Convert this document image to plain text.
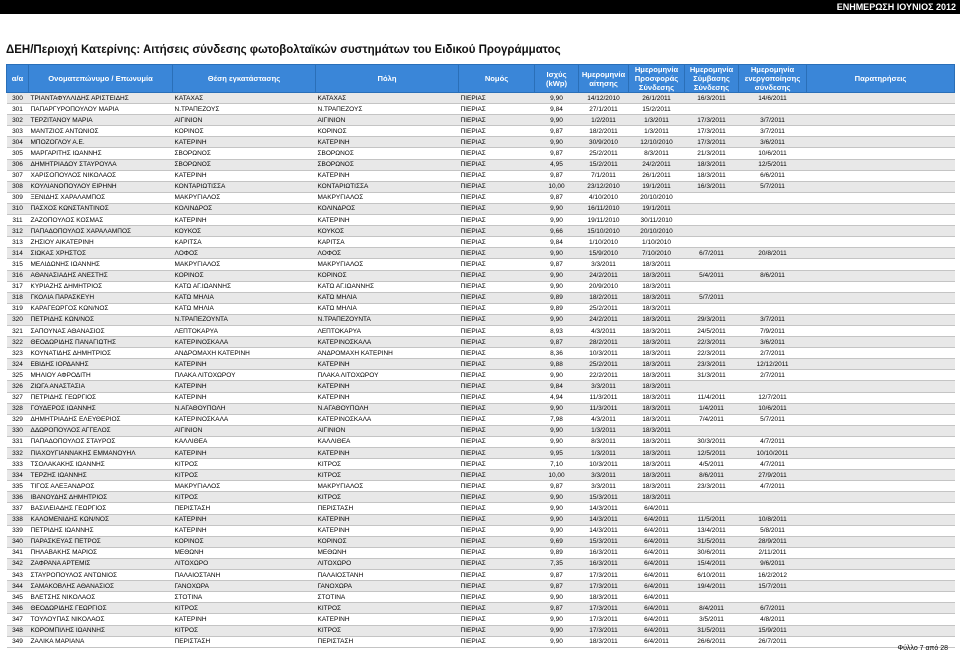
ΕΝΗΜΕΡΩΣΗ ΙΟΥΝΙΟΣ 2012
ΔΕΗ/Περιοχή Κατερίνης: Αιτήσεις σύνδεσης φωτοβολταϊκών συστημάτων του Ειδικού Προγράμματος
α/α	Ονοματεπώνυμο / Επωνυμία	Θέση εγκατάστασης	Πόλη	Νομός	Ισχύς (kWp)	Ημερομηνία αίτησης	Ημερομηνία Προσφοράς Σύνδεσης	Ημερομηνία Σύμβασης Σύνδεσης	Ημερομηνία ενεργοποίησης σύνδεσης	Παρατηρήσεις
300	ΤΡΙΑΝΤΑΦΥΛΛΙΔΗΣ ΑΡΙΣΤΕΙΔΗΣ	ΚΑΤΑΧΑΣ	ΚΑΤΑΧΑΣ	ΠΙΕΡΙΑΣ	9,90	14/12/2010	26/1/2011	16/3/2011	14/6/2011	
301	ΠΑΠΑΡΓΥΡΟΠΟΥΛΟΥ ΜΑΡΙΑ	Ν.ΤΡΑΠΕΖΟΥΣ	Ν.ΤΡΑΠΕΖΟΥΣ	ΠΙΕΡΙΑΣ	9,84	27/1/2011	15/2/2011			
302	ΤΕΡΖΙΤΑΝΟΥ ΜΑΡΙΑ	ΑΙΓΙΝΙΟΝ	ΑΙΓΙΝΙΟΝ	ΠΙΕΡΙΑΣ	9,90	1/2/2011	1/3/2011	17/3/2011	3/7/2011	
303	ΜΑΝΤΖΙΟΣ ΑΝΤΩΝΙΟΣ	ΚΟΡΙΝΟΣ	ΚΟΡΙΝΟΣ	ΠΙΕΡΙΑΣ	9,87	18/2/2011	1/3/2011	17/3/2011	3/7/2011	
304	ΜΠΟΖΟΓΛΟΥ Α.Ε.	ΚΑΤΕΡΙΝΗ	ΚΑΤΕΡΙΝΗ	ΠΙΕΡΙΑΣ	9,90	30/9/2010	12/10/2010	17/3/2011	3/6/2011	
305	ΜΑΡΓΑΡΙΤΗΣ ΙΩΑΝΝΗΣ	ΣΒΟΡΩΝΟΣ	ΣΒΟΡΩΝΟΣ	ΠΙΕΡΙΑΣ	9,87	25/2/2011	8/3/2011	21/3/2011	10/6/2011	
306	ΔΗΜΗΤΡΙΑΔΟΥ ΣΤΑΥΡΟΥΛΑ	ΣΒΟΡΩΝΟΣ	ΣΒΟΡΩΝΟΣ	ΠΙΕΡΙΑΣ	4,95	15/2/2011	24/2/2011	18/3/2011	12/5/2011	
307	ΧΑΡΙΣΟΠΟΥΛΟΣ ΝΙΚΟΛΑΟΣ	ΚΑΤΕΡΙΝΗ	ΚΑΤΕΡΙΝΗ	ΠΙΕΡΙΑΣ	9,87	7/1/2011	26/1/2011	18/3/2011	6/6/2011	
308	ΚΟΥΛΙΑΝΟΠΟΥΛΟΥ ΕΙΡΗΝΗ	ΚΟΝΤΑΡΙΩΤΙΣΣΑ	ΚΟΝΤΑΡΙΩΤΙΣΣΑ	ΠΙΕΡΙΑΣ	10,00	23/12/2010	19/1/2011	16/3/2011	5/7/2011	
309	ΞΕΝΙΔΗΣ ΧΑΡΑΛΑΜΠΟΣ	ΜΑΚΡΥΓΙΑΛΟΣ	ΜΑΚΡΥΓΙΑΛΟΣ	ΠΙΕΡΙΑΣ	9,87	4/10/2010	20/10/2010			
310	ΠΑΣΧΟΣ ΚΩΝΣΤΑΝΤΙΝΟΣ	ΚΟΛΙΝΔΡΟΣ	ΚΟΛΙΝΔΡΟΣ	ΠΙΕΡΙΑΣ	9,90	16/11/2010	19/1/2011			
311	ΖΑΖΟΠΟΥΛΟΣ ΚΟΣΜΑΣ	ΚΑΤΕΡΙΝΗ	ΚΑΤΕΡΙΝΗ	ΠΙΕΡΙΑΣ	9,90	19/11/2010	30/11/2010			
312	ΠΑΠΑΔΟΠΟΥΛΟΣ ΧΑΡΑΛΑΜΠΟΣ	ΚΟΥΚΟΣ	ΚΟΥΚΟΣ	ΠΙΕΡΙΑΣ	9,66	15/10/2010	20/10/2010			
313	ΖΗΣΙΟΥ ΑΙΚΑΤΕΡΙΝΗ	ΚΑΡΙΤΣΑ	ΚΑΡΙΤΣΑ	ΠΙΕΡΙΑΣ	9,84	1/10/2010	1/10/2010			
314	ΣΙΩΚΑΣ ΧΡΗΣΤΟΣ	ΛΟΦΟΣ	ΛΟΦΟΣ	ΠΙΕΡΙΑΣ	9,90	15/9/2010	7/10/2010	6/7/2011	20/8/2011	
315	ΜΕΛΙΔΩΝΗΣ ΙΩΑΝΝΗΣ	ΜΑΚΡΥΓΙΑΛΟΣ	ΜΑΚΡΥΓΙΑΛΟΣ	ΠΙΕΡΙΑΣ	9,87	3/3/2011	18/3/2011			
316	ΑΘΑΝΑΣΙΑΔΗΣ ΑΝΕΣΤΗΣ	ΚΟΡΙΝΟΣ	ΚΟΡΙΝΟΣ	ΠΙΕΡΙΑΣ	9,90	24/2/2011	18/3/2011	5/4/2011	8/6/2011	
317	ΚΥΡΙΑΖΗΣ ΔΗΜΗΤΡΙΟΣ	ΚΑΤΩ ΑΓ.ΙΩΑΝΝΗΣ	ΚΑΤΩ ΑΓ.ΙΩΑΝΝΗΣ	ΠΙΕΡΙΑΣ	9,90	20/9/2010	18/3/2011			
318	ΓΚΟΛΙΑ ΠΑΡΑΣΚΕΥΗ	ΚΑΤΩ ΜΗΛΙΑ	ΚΑΤΩ ΜΗΛΙΑ	ΠΙΕΡΙΑΣ	9,89	18/2/2011	18/3/2011	5/7/2011		
319	ΚΑΡΑΓΕΩΡΓΟΣ ΚΩΝ/ΝΟΣ	ΚΑΤΩ ΜΗΛΙΑ	ΚΑΤΩ ΜΗΛΙΑ	ΠΙΕΡΙΑΣ	9,89	25/2/2011	18/3/2011			
320	ΠΕΤΡΙΔΗΣ ΚΩΝ/ΝΟΣ	Ν.ΤΡΑΠΕΖΟΥΝΤΑ	Ν.ΤΡΑΠΕΖΟΥΝΤΑ	ΠΙΕΡΙΑΣ	9,90	24/2/2011	18/3/2011	29/3/2011	3/7/2011	
321	ΣΑΠΟΥΝΑΣ ΑΘΑΝΑΣΙΟΣ	ΛΕΠΤΟΚΑΡΥΑ	ΛΕΠΤΟΚΑΡΥΑ	ΠΙΕΡΙΑΣ	8,93	4/3/2011	18/3/2011	24/5/2011	7/9/2011	
322	ΘΕΟΔΩΡΙΔΗΣ ΠΑΝΑΓΙΩΤΗΣ	ΚΑΤΕΡΙΝΟΣΚΑΛΑ	ΚΑΤΕΡΙΝΟΣΚΑΛΑ	ΠΙΕΡΙΑΣ	9,87	28/2/2011	18/3/2011	22/3/2011	3/6/2011	
323	ΚΟΥΝΑΤΙΔΗΣ ΔΗΜΗΤΡΙΟΣ	ΑΝΔΡΟΜΑΧΗ ΚΑΤΕΡΙΝΗ	ΑΝΔΡΟΜΑΧΗ ΚΑΤΕΡΙΝΗ	ΠΙΕΡΙΑΣ	8,36	10/3/2011	18/3/2011	22/3/2011	2/7/2011	
324	ΕΒΙΔΗΣ ΙΟΡΔΑΝΗΣ	ΚΑΤΕΡΙΝΗ	ΚΑΤΕΡΙΝΗ	ΠΙΕΡΙΑΣ	9,88	25/2/2011	18/3/2011	23/3/2011	12/12/2011	
325	ΜΗΛΙΟΥ ΑΦΡΟΔΙΤΗ	ΠΛΑΚΑ ΛΙΤΟΧΩΡΟΥ	ΠΛΑΚΑ ΛΙΤΟΧΩΡΟΥ	ΠΙΕΡΙΑΣ	9,90	22/2/2011	18/3/2011	31/3/2011	2/7/2011	
326	ΖΙΩΓΑ ΑΝΑΣΤΑΣΙΑ	ΚΑΤΕΡΙΝΗ	ΚΑΤΕΡΙΝΗ	ΠΙΕΡΙΑΣ	9,84	3/3/2011	18/3/2011			
327	ΠΕΤΡΙΔΗΣ ΓΕΩΡΓΙΟΣ	ΚΑΤΕΡΙΝΗ	ΚΑΤΕΡΙΝΗ	ΠΙΕΡΙΑΣ	4,94	11/3/2011	18/3/2011	11/4/2011	12/7/2011	
328	ΓΟΥΔΕΡΟΣ ΙΩΑΝΝΗΣ	Ν.ΑΓΑΘΟΥΠΟΛΗ	Ν.ΑΓΑΘΟΥΠΟΛΗ	ΠΙΕΡΙΑΣ	9,90	11/3/2011	18/3/2011	1/4/2011	10/6/2011	
329	ΔΗΜΗΤΡΙΑΔΗΣ ΕΛΕΥΘΕΡΙΟΣ	ΚΑΤΕΡΙΝΟΣΚΑΛΑ	ΚΑΤΕΡΙΝΟΣΚΑΛΑ	ΠΙΕΡΙΑΣ	7,98	4/3/2011	18/3/2011	7/4/2011	5/7/2011	
330	ΔΔΩΡΟΠΟΥΛΟΣ ΑΓΓΕΛΟΣ	ΑΙΓΙΝΙΟΝ	ΑΙΓΙΝΙΟΝ	ΠΙΕΡΙΑΣ	9,90	1/3/2011	18/3/2011			
331	ΠΑΠΑΔΟΠΟΥΛΟΣ ΣΤΑΥΡΟΣ	ΚΑΛΛΙΘΕΑ	ΚΑΛΛΙΘΕΑ	ΠΙΕΡΙΑΣ	9,90	8/3/2011	18/3/2011	30/3/2011	4/7/2011	
332	ΠΙΑΧΟΥΓΙΑΝΝΑΚΗΣ ΕΜΜΑΝΟΥΗΛ	ΚΑΤΕΡΙΝΗ	ΚΑΤΕΡΙΝΗ	ΠΙΕΡΙΑΣ	9,95	1/3/2011	18/3/2011	12/5/2011	10/10/2011	
333	ΤΣΟΛΑΚΑΚΗΣ ΙΩΑΝΝΗΣ	ΚΙΤΡΟΣ	ΚΙΤΡΟΣ	ΠΙΕΡΙΑΣ	7,10	10/3/2011	18/3/2011	4/5/2011	4/7/2011	
334	ΤΕΡΖΗΣ ΙΩΑΝΝΗΣ	ΚΙΤΡΟΣ	ΚΙΤΡΟΣ	ΠΙΕΡΙΑΣ	10,00	3/3/2011	18/3/2011	8/6/2011	27/9/2011	
335	ΤΙΓΟΣ ΑΛΕΞΑΝΔΡΟΣ	ΜΑΚΡΥΓΙΑΛΟΣ	ΜΑΚΡΥΓΙΑΛΟΣ	ΠΙΕΡΙΑΣ	9,87	3/3/2011	18/3/2011	23/3/2011	4/7/2011	
336	ΙΒΑΝΟΥΔΗΣ ΔΗΜΗΤΡΙΟΣ	ΚΙΤΡΟΣ	ΚΙΤΡΟΣ	ΠΙΕΡΙΑΣ	9,90	15/3/2011	18/3/2011			
337	ΒΑΣΙΛΕΙΑΔΗΣ ΓΕΩΡΓΙΟΣ	ΠΕΡΙΣΤΑΣΗ	ΠΕΡΙΣΤΑΣΗ	ΠΙΕΡΙΑΣ	9,90	14/3/2011	6/4/2011			
338	ΚΑΛΟΜΕΝΙΔΗΣ ΚΩΝ/ΝΟΣ	ΚΑΤΕΡΙΝΗ	ΚΑΤΕΡΙΝΗ	ΠΙΕΡΙΑΣ	9,90	14/3/2011	6/4/2011	11/5/2011	10/8/2011	
339	ΠΕΤΡΙΔΗΣ ΙΩΑΝΝΗΣ	ΚΑΤΕΡΙΝΗ	ΚΑΤΕΡΙΝΗ	ΠΙΕΡΙΑΣ	9,90	14/3/2011	6/4/2011	13/4/2011	5/8/2011	
340	ΠΑΡΑΣΚΕΥΑΣ ΠΕΤΡΟΣ	ΚΟΡΙΝΟΣ	ΚΟΡΙΝΟΣ	ΠΙΕΡΙΑΣ	9,69	15/3/2011	6/4/2011	31/5/2011	28/9/2011	
341	ΠΗΛΑΒΑΚΗΣ ΜΑΡΙΟΣ	ΜΕΘΩΝΗ	ΜΕΘΩΝΗ	ΠΙΕΡΙΑΣ	9,89	16/3/2011	6/4/2011	30/6/2011	2/11/2011	
342	ΖΑΦΡΑΝΑ ΑΡΤΕΜΙΣ	ΛΙΤΟΧΩΡΟ	ΛΙΤΟΧΩΡΟ	ΠΙΕΡΙΑΣ	7,35	16/3/2011	6/4/2011	15/4/2011	9/6/2011	
343	ΣΤΑΥΡΟΠΟΥΛΟΣ ΑΝΤΩΝΙΟΣ	ΠΑΛΑΙΟΣΤΑΝΗ	ΠΑΛΑΙΟΣΤΑΝΗ	ΠΙΕΡΙΑΣ	9,87	17/3/2011	6/4/2011	6/10/2011	16/2/2012	
344	ΣΑΜΑΚΟΒΛΗΣ ΑΘΑΝΑΣΙΟΣ	ΓΑΝΟΧΩΡΑ	ΓΑΝΟΧΩΡΑ	ΠΙΕΡΙΑΣ	9,87	17/3/2011	6/4/2011	19/4/2011	15/7/2011	
345	ΒΛΕΤΣΗΣ ΝΙΚΟΛΑΟΣ	ΣΤΟΤΙΝΑ	ΣΤΟΤΙΝΑ	ΠΙΕΡΙΑΣ	9,90	18/3/2011	6/4/2011			
346	ΘΕΟΔΩΡΙΔΗΣ ΓΕΩΡΓΙΟΣ	ΚΙΤΡΟΣ	ΚΙΤΡΟΣ	ΠΙΕΡΙΑΣ	9,87	17/3/2011	6/4/2011	8/4/2011	6/7/2011	
347	ΤΟΥΛΟΥΠΑΣ ΝΙΚΟΛΑΟΣ	ΚΑΤΕΡΙΝΗ	ΚΑΤΕΡΙΝΗ	ΠΙΕΡΙΑΣ	9,90	17/3/2011	6/4/2011	3/5/2011	4/8/2011	
348	ΚΟΡΟΜΠΙΛΗΣ ΙΩΑΝΝΗΣ	ΚΙΤΡΟΣ	ΚΙΤΡΟΣ	ΠΙΕΡΙΑΣ	9,90	17/3/2011	6/4/2011	31/5/2011	15/9/2011	
349	ΖΑΛΙΚΑ ΜΑΡΙΑΝΑ	ΠΕΡΙΣΤΑΣΗ	ΠΕΡΙΣΤΑΣΗ	ΠΙΕΡΙΑΣ	9,90	18/3/2011	6/4/2011	26/6/2011	26/7/2011	
Φύλλο 7 από 28
